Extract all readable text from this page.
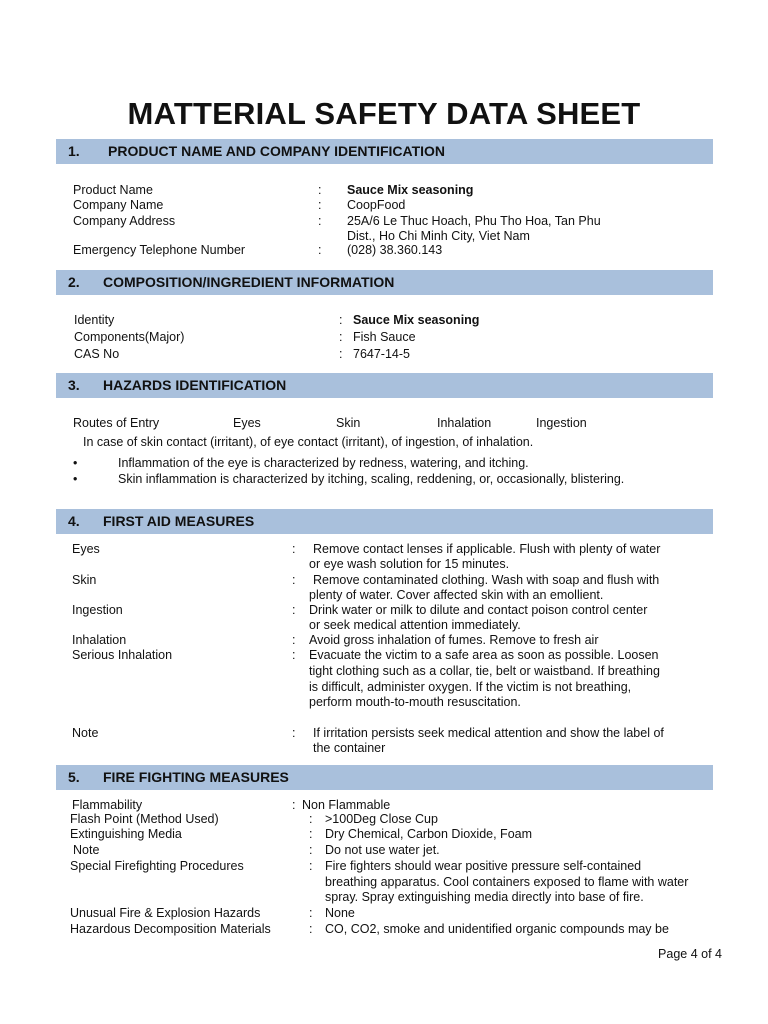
MATTERIAL SAFETY DATA SHEET
1. PRODUCT NAME AND COMPANY IDENTIFICATION
Product Name	: Sauce Mix seasoning
Company Name	: CoopFood
Company Address	: 25A/6 Le Thuc Hoach, Phu Tho Hoa, Tan Phu
Dist., Ho Chi Minh City, Viet Nam
Emergency Telephone Number	: (028) 38.360.143
2. COMPOSITION/INGREDIENT INFORMATION
Identity	: Sauce Mix seasoning
Components(Major)	: Fish Sauce
CAS No	: 7647-14-5
3. HAZARDS IDENTIFICATION
Routes of Entry	Eyes	Skin	Inhalation	Ingestion
In case of skin contact (irritant), of eye contact (irritant), of ingestion, of inhalation.
•	Inflammation of the eye is characterized by redness, watering, and itching.
•	Skin inflammation is characterized by itching, scaling, reddening, or, occasionally, blistering.
4. FIRST AID MEASURES
Eyes	: Remove contact lenses if applicable. Flush with plenty of water
or eye wash solution for 15 minutes.
Skin	: Remove contaminated clothing. Wash with soap and flush with
plenty of water. Cover affected skin with an emollient.
Ingestion	: Drink water or milk to dilute and contact poison control center
or seek medical attention immediately.
Inhalation	: Avoid gross inhalation of fumes. Remove to fresh air
Serious Inhalation	: Evacuate the victim to a safe area as soon as possible. Loosen
tight clothing such as a collar, tie, belt or waistband. If breathing
is difficult, administer oxygen. If the victim is not breathing,
perform mouth-to-mouth resuscitation.
Note	: If irritation persists seek medical attention and show the label of
the container
5. FIRE FIGHTING MEASURES
Flammability	: Non Flammable
Flash Point (Method Used)	: >100Deg Close Cup
Extinguishing Media	: Dry Chemical, Carbon Dioxide, Foam
Note	: Do not use water jet.
Special Firefighting Procedures	: Fire fighters should wear positive pressure self-contained
breathing apparatus. Cool containers exposed to flame with water
spray. Spray extinguishing media directly into base of fire.
Unusual Fire & Explosion Hazards	: None
Hazardous Decomposition Materials	: CO, CO2, smoke and unidentified organic compounds may be
Page 4 of 4
